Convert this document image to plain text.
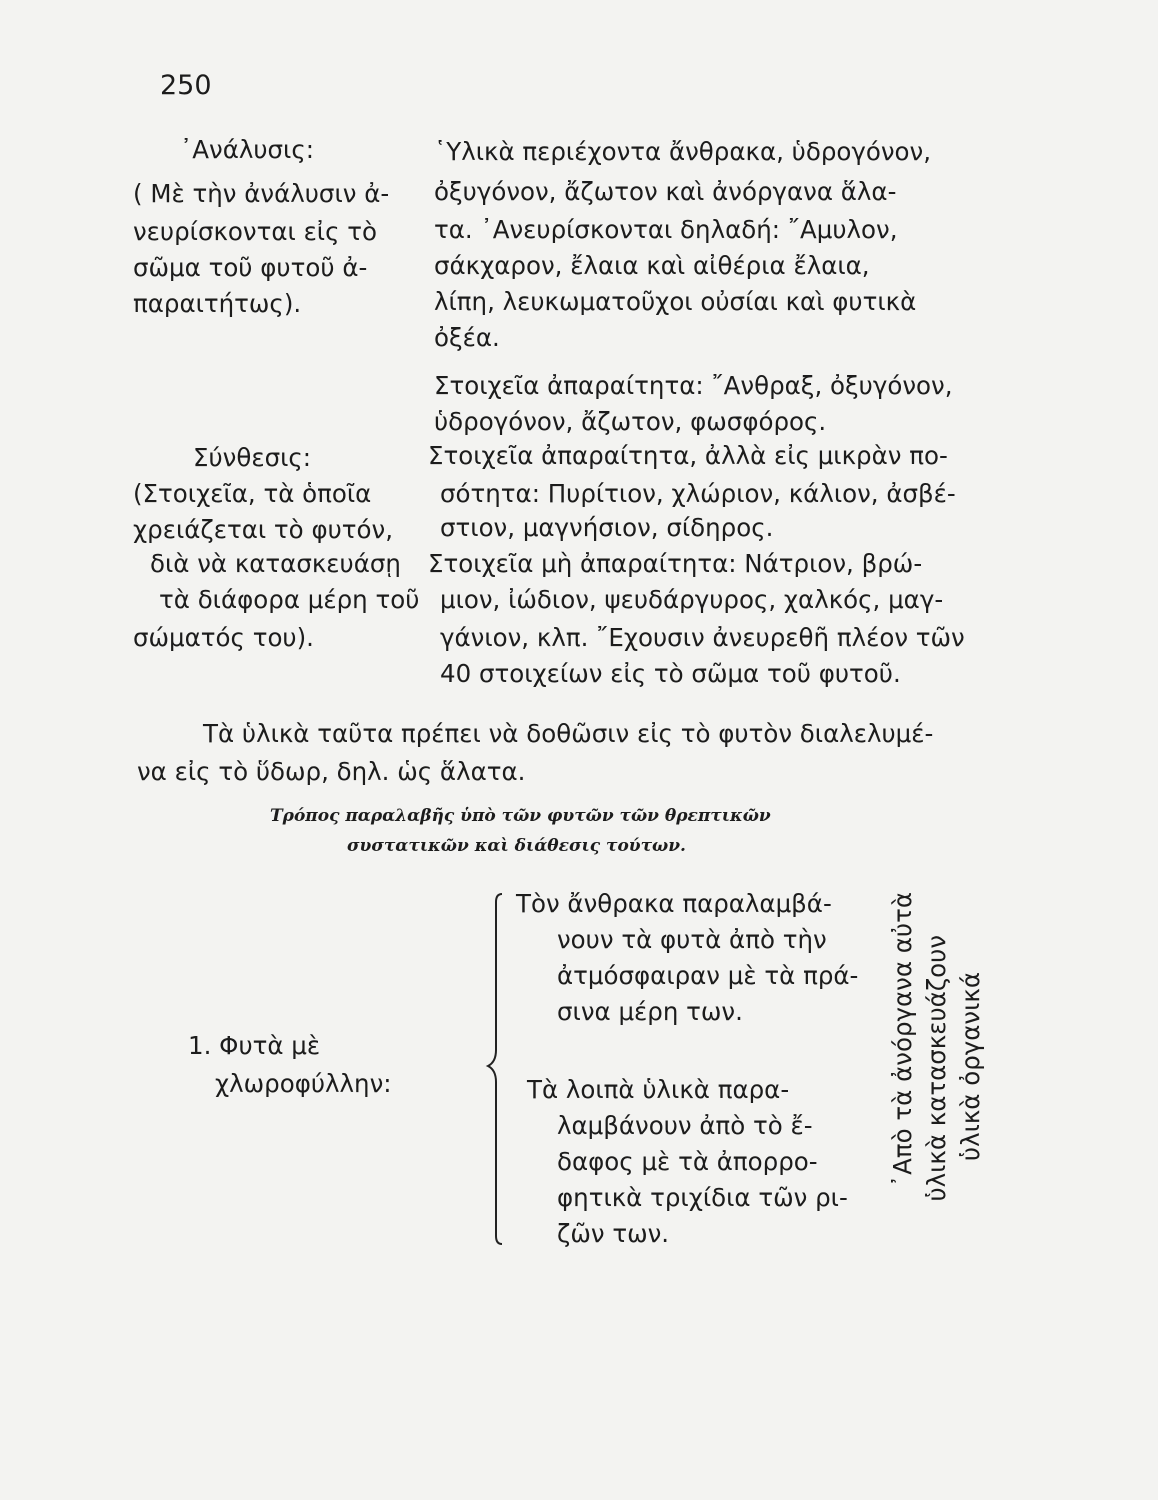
250
᾿Ανάλυσις:
( Μὲ τὴν ἀνάλυσιν ἀ-
νευρίσκονται εἰς τὸ
σῶμα τοῦ φυτοῦ ἀ-
παραιτήτως).
῾Υλικὰ περιέχοντα ἄνθρακα, ὑδρογόνον,
ὀξυγόνον, ἄζωτον καὶ ἀνόργανα ἅλα-
τα. ᾿Ανευρίσκονται δηλαδή: ῎Αμυλον,
σάκχαρον, ἔλαια καὶ αἰθέρια ἔλαια,
λίπη, λευκωματοῦχοι οὐσίαι καὶ φυτικὰ
ὀξέα.
Σύνθεσις:
(Στοιχεῖα, τὰ ὁποῖα
χρειάζεται τὸ φυτόν,
διὰ νὰ κατασκευάσῃ
τὰ διάφορα μέρη τοῦ
σώματός του).
Στοιχεῖα ἀπαραίτητα: ῎Ανθραξ, ὀξυγόνον,
ὑδρογόνον, ἄζωτον, φωσφόρος.
Στοιχεῖα ἀπαραίτητα, ἀλλὰ εἰς μικρὰν πο-
σότητα: Πυρίτιον, χλώριον, κάλιον, ἀσβέ-
στιον, μαγνήσιον, σίδηρος.
Στοιχεῖα μὴ ἀπαραίτητα: Νάτριον, βρώ-
μιον, ἰώδιον, ψευδάργυρος, χαλκός, μαγ-
γάνιον, κλπ. ῎Εχουσιν ἀνευρεθῆ πλέον τῶν
40 στοιχείων εἰς τὸ σῶμα τοῦ φυτοῦ.
Τὰ ὑλικὰ ταῦτα πρέπει νὰ δοθῶσιν εἰς τὸ φυτὸν διαλελυμέ-
να εἰς τὸ ὕδωρ, δηλ. ὡς ἅλατα.
Τρόπος παραλαβῆς ὑπὸ τῶν φυτῶν τῶν θρεπτικῶν
συστατικῶν καὶ διάθεσις τούτων.
1. Φυτὰ μὲ
χλωροφύλλην:
Τὸν ἄνθρακα παραλαμβά-
νουν τὰ φυτὰ ἀπὸ τὴν
ἀτμόσφαιραν μὲ τὰ πρά-
σινα μέρη των.
Τὰ λοιπὰ ὑλικὰ παρα-
λαμβάνουν ἀπὸ τὸ ἔ-
δαφος μὲ τὰ ἀπορρο-
φητικὰ τριχίδια τῶν ρι-
ζῶν των.
᾿Απὸ τὰ ἀνόργανα αὐτὰ ὑλικὰ κατασκευάζουν ὑλικὰ ὀργανικά
